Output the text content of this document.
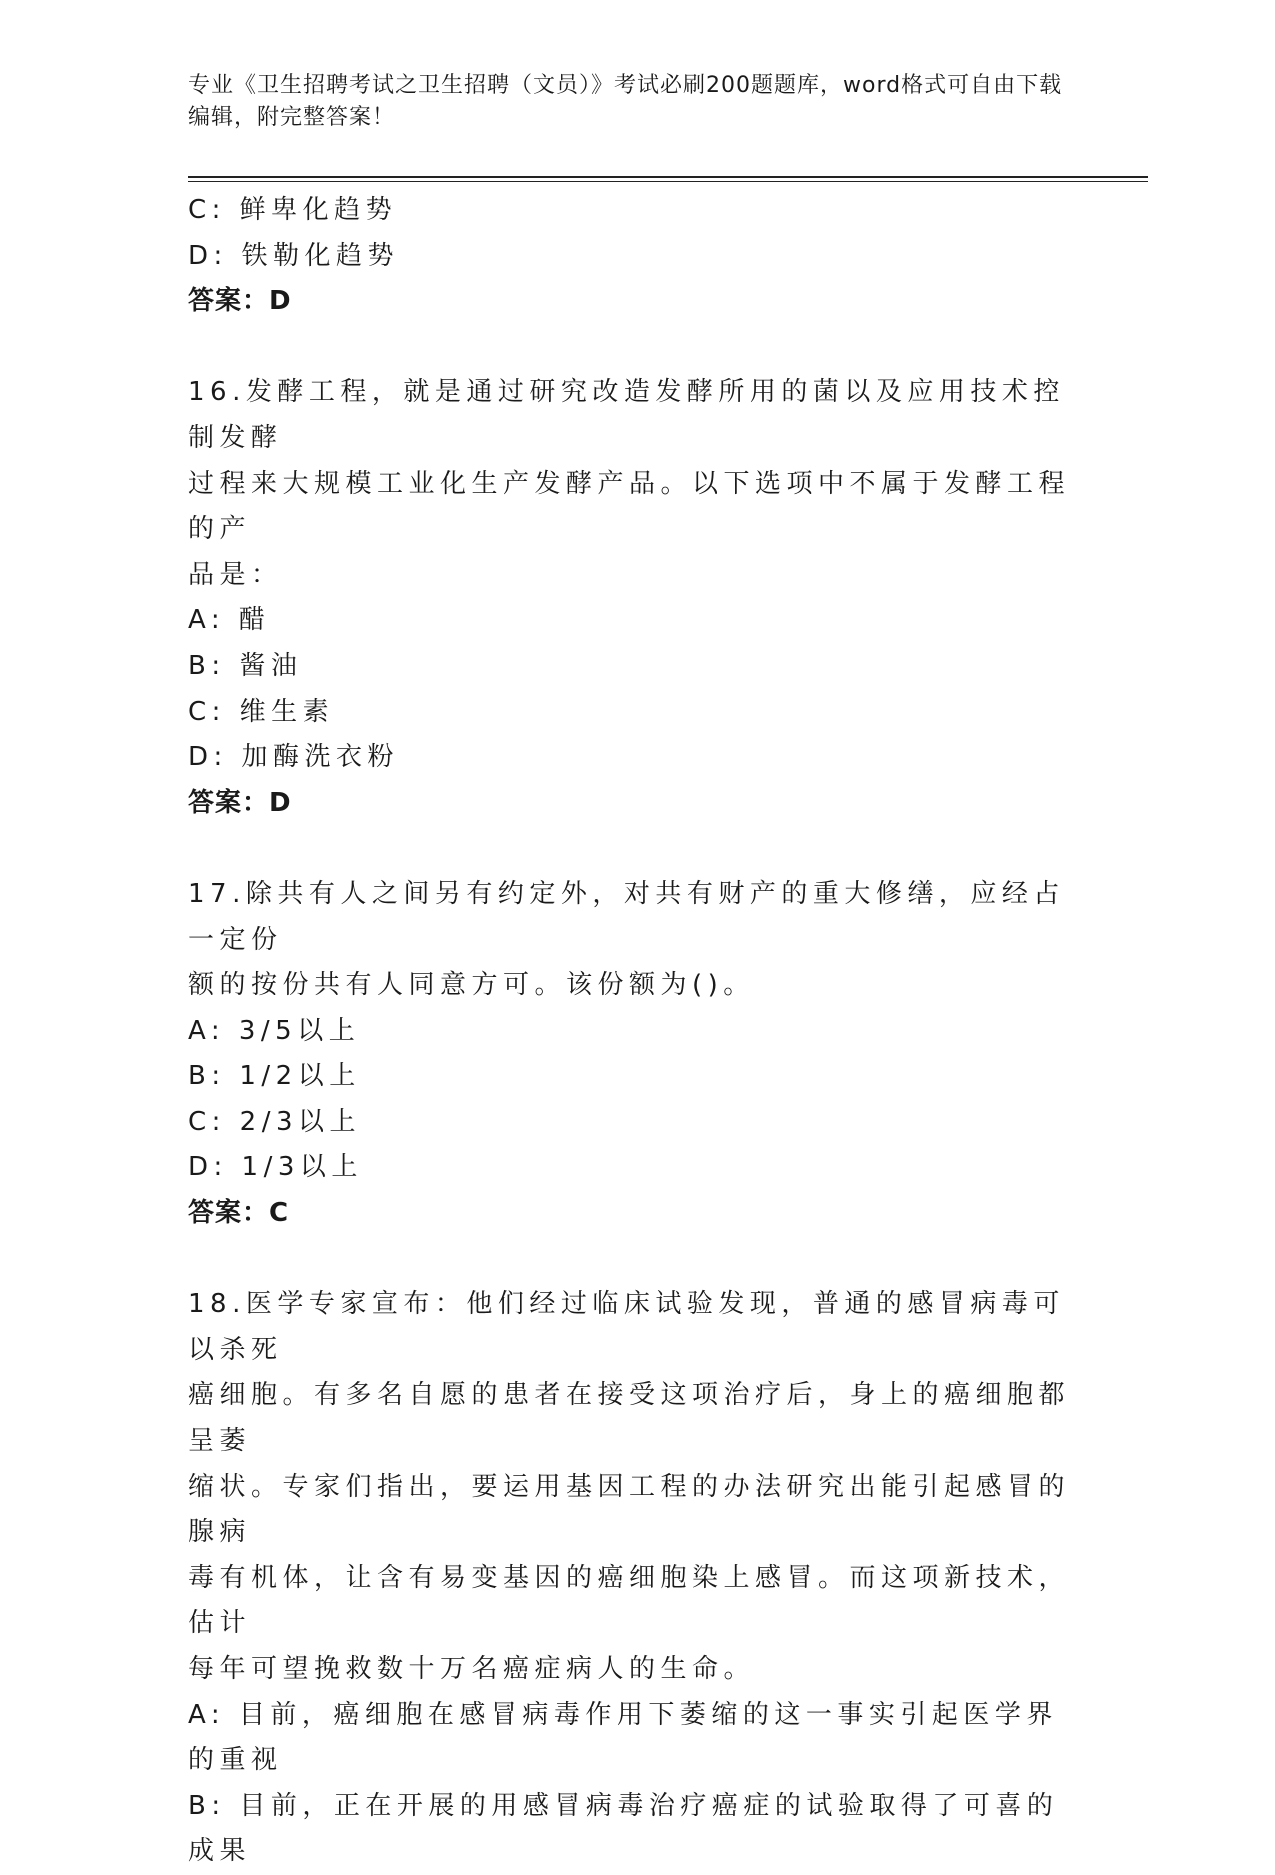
专业《卫生招聘考试之卫生招聘（文员）》考试必刷200题题库，word格式可自由下载编辑，附完整答案！
C: 鲜卑化趋势
D: 铁勒化趋势
答案：D
16.发酵工程，就是通过研究改造发酵所用的菌以及应用技术控制发酵
过程来大规模工业化生产发酵产品。以下选项中不属于发酵工程的产
品是：
A: 醋
B: 酱油
C: 维生素
D: 加酶洗衣粉
答案：D
17.除共有人之间另有约定外，对共有财产的重大修缮，应经占一定份
额的按份共有人同意方可。该份额为()。
A: 3/5以上
B: 1/2以上
C: 2/3以上
D: 1/3以上
答案：C
18.医学专家宣布：他们经过临床试验发现，普通的感冒病毒可以杀死
癌细胞。有多名自愿的患者在接受这项治疗后，身上的癌细胞都呈萎
缩状。专家们指出，要运用基因工程的办法研究出能引起感冒的腺病
毒有机体，让含有易变基因的癌细胞染上感冒。而这项新技术，估计
每年可望挽救数十万名癌症病人的生命。
A: 目前，癌细胞在感冒病毒作用下萎缩的这一事实引起医学界的重视
B: 目前，正在开展的用感冒病毒治疗癌症的试验取得了可喜的成果
